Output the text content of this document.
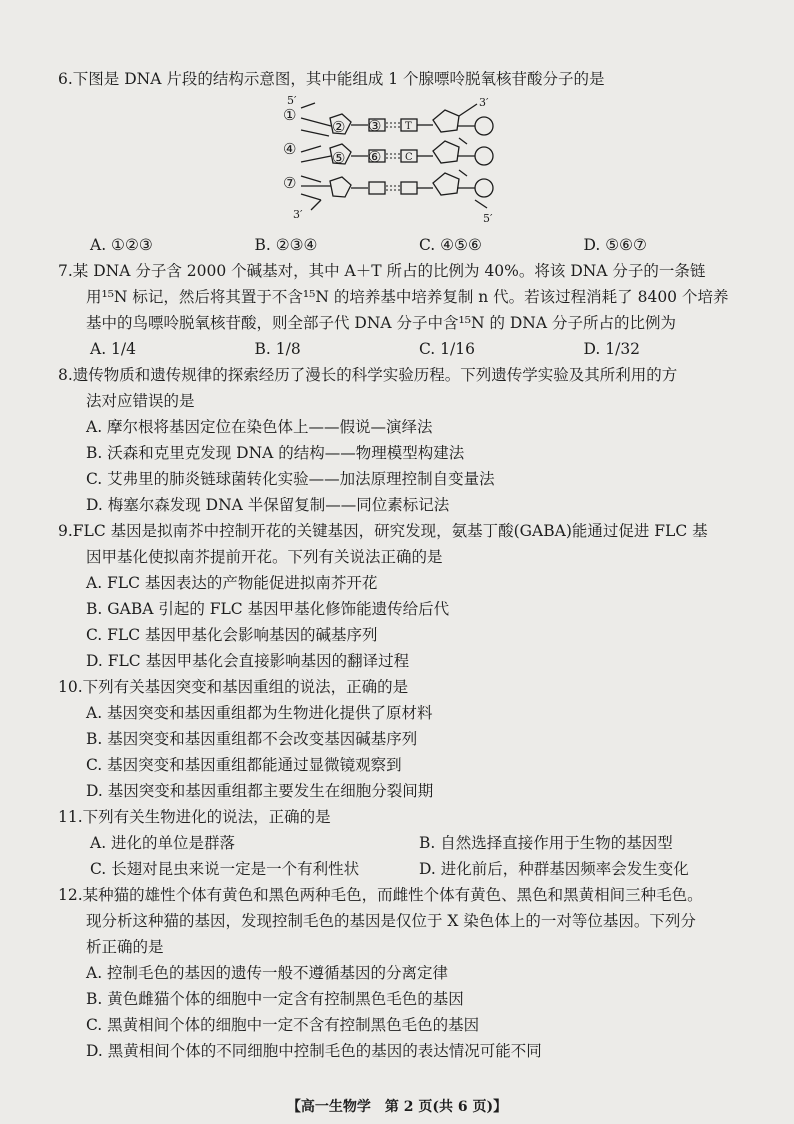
6.下图是 DNA 片段的结构示意图，其中能组成 1 个腺嘌呤脱氧核苷酸分子的是

5′	3′
3′	5′
①
② ③
④ ⑤ ⑥
⑦
T
C
A. ①②③	B. ②③④	C. ④⑤⑥	D. ⑤⑥⑦

7.某 DNA 分子含 2000 个碱基对，其中 A＋T 所占的比例为 40%。将该 DNA 分子的一条链

用¹⁵N 标记，然后将其置于不含¹⁵N 的培养基中培养复制 n 代。若该过程消耗了 8400 个培养

基中的鸟嘌呤脱氧核苷酸，则全部子代 DNA 分子中含¹⁵N 的 DNA 分子所占的比例为

A. 1/4	B. 1/8	C. 1/16	D. 1/32

8.遗传物质和遗传规律的探索经历了漫长的科学实验历程。下列遗传学实验及其所利用的方

法对应错误的是

A. 摩尔根将基因定位在染色体上——假说—演绎法

B. 沃森和克里克发现 DNA 的结构——物理模型构建法

C. 艾弗里的肺炎链球菌转化实验——加法原理控制自变量法

D. 梅塞尔森发现 DNA 半保留复制——同位素标记法

9.FLC 基因是拟南芥中控制开花的关键基因，研究发现，氨基丁酸(GABA)能通过促进 FLC 基

因甲基化使拟南芥提前开花。下列有关说法正确的是

A. FLC 基因表达的产物能促进拟南芥开花

B. GABA 引起的 FLC 基因甲基化修饰能遗传给后代

C. FLC 基因甲基化会影响基因的碱基序列

D. FLC 基因甲基化会直接影响基因的翻译过程

10.下列有关基因突变和基因重组的说法，正确的是

A. 基因突变和基因重组都为生物进化提供了原材料

B. 基因突变和基因重组都不会改变基因碱基序列

C. 基因突变和基因重组都能通过显微镜观察到

D. 基因突变和基因重组都主要发生在细胞分裂间期

11.下列有关生物进化的说法，正确的是

A. 进化的单位是群落	B. 自然选择直接作用于生物的基因型
C. 长翅对昆虫来说一定是一个有利性状	D. 进化前后，种群基因频率会发生变化

12.某种猫的雄性个体有黄色和黑色两种毛色，而雌性个体有黄色、黑色和黑黄相间三种毛色。

现分析这种猫的基因，发现控制毛色的基因是仅位于 X 染色体上的一对等位基因。下列分

析正确的是

A. 控制毛色的基因的遗传一般不遵循基因的分离定律

B. 黄色雌猫个体的细胞中一定含有控制黑色毛色的基因

C. 黑黄相间个体的细胞中一定不含有控制黑色毛色的基因

D. 黑黄相间个体的不同细胞中控制毛色的基因的表达情况可能不同

【高一生物学　第 2 页(共 6 页)】
